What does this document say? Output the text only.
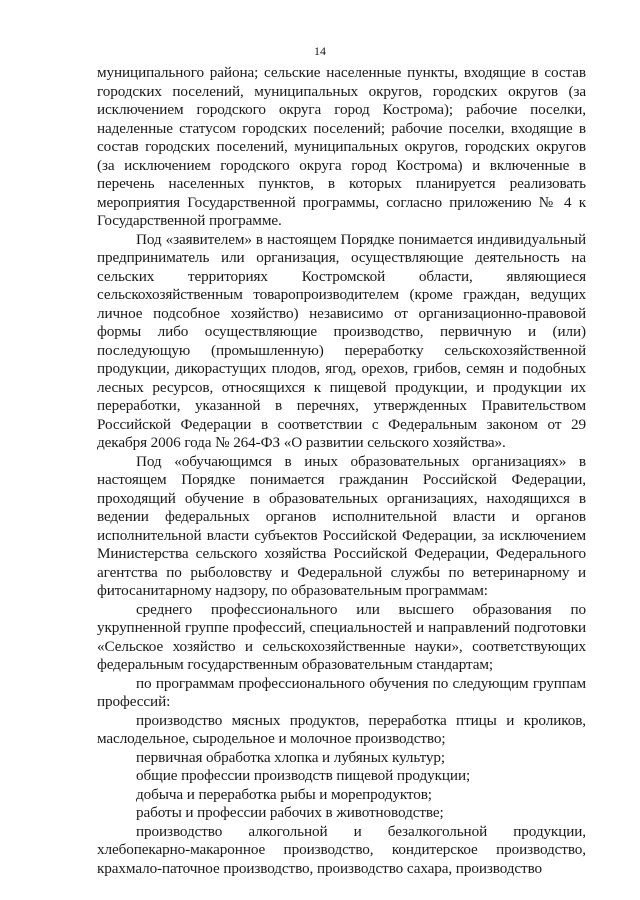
14

муниципального района; сельские населенные пункты, входящие в состав городских поселений, муниципальных округов, городских округов (за исключением городского округа город Кострома); рабочие поселки, наделенные статусом городских поселений; рабочие поселки, входящие в состав городских поселений, муниципальных округов, городских округов (за исключением городского округа город Кострома) и включенные в перечень населенных пунктов, в которых планируется реализовать мероприятия Государственной программы, согласно приложению № 4 к Государственной программе.

Под «заявителем» в настоящем Порядке понимается индивидуальный предприниматель или организация, осуществляющие деятельность на сельских территориях Костромской области, являющиеся сельскохозяйственным товаропроизводителем (кроме граждан, ведущих личное подсобное хозяйство) независимо от организационно-правовой формы либо осуществляющие производство, первичную и (или) последующую (промышленную) переработку сельскохозяйственной продукции, дикорастущих плодов, ягод, орехов, грибов, семян и подобных лесных ресурсов, относящихся к пищевой продукции, и продукции их переработки, указанной в перечнях, утвержденных Правительством Российской Федерации в соответствии с Федеральным законом от 29 декабря 2006 года № 264-ФЗ «О развитии сельского хозяйства».

Под «обучающимся в иных образовательных организациях» в настоящем Порядке понимается гражданин Российской Федерации, проходящий обучение в образовательных организациях, находящихся в ведении федеральных органов исполнительной власти и органов исполнительной власти субъектов Российской Федерации, за исключением Министерства сельского хозяйства Российской Федерации, Федерального агентства по рыболовству и Федеральной службы по ветеринарному и фитосанитарному надзору, по образовательным программам:

среднего профессионального или высшего образования по укрупненной группе профессий, специальностей и направлений подготовки «Сельское хозяйство и сельскохозяйственные науки», соответствующих федеральным государственным образовательным стандартам;

по программам профессионального обучения по следующим группам профессий:

производство мясных продуктов, переработка птицы и кроликов, маслодельное, сыродельное и молочное производство;

первичная обработка хлопка и лубяных культур;

общие профессии производств пищевой продукции;

добыча и переработка рыбы и морепродуктов;

работы и профессии рабочих в животноводстве;

производство алкогольной и безалкогольной продукции, хлебопекарно-макаронное производство, кондитерское производство, крахмало-паточное производство, производство сахара, производство
